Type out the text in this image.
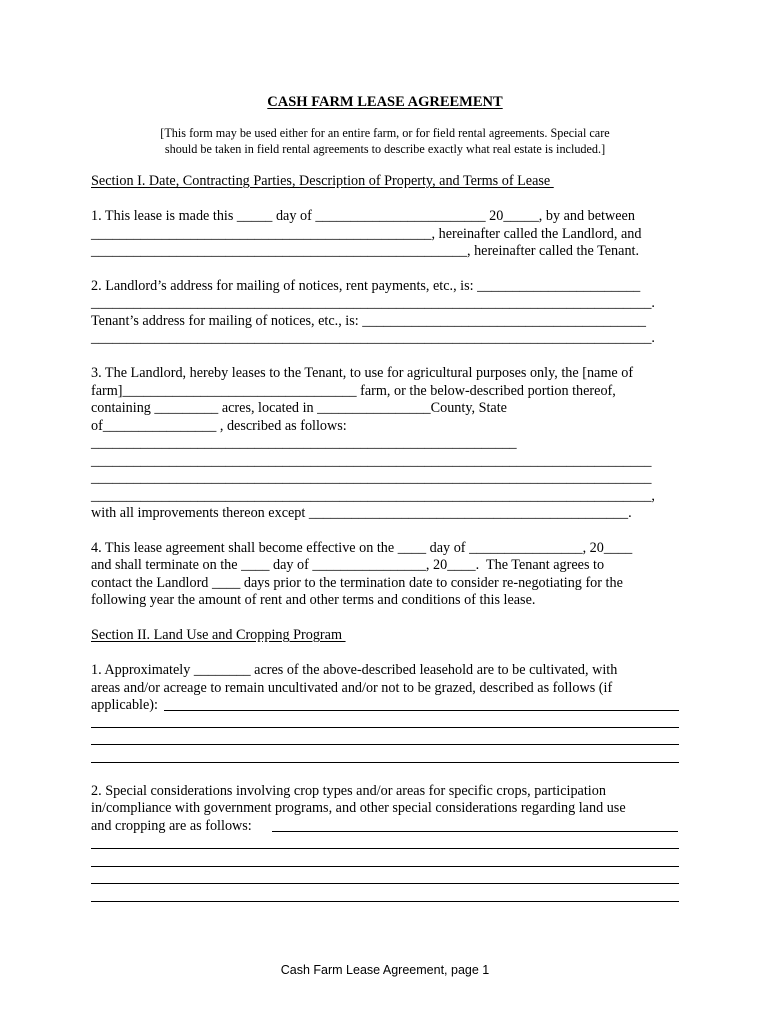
CASH FARM LEASE AGREEMENT
[This form may be used either for an entire farm, or for field rental agreements. Special care
should be taken in field rental agreements to describe exactly what real estate is included.]
Section I. Date, Contracting Parties, Description of Property, and Terms of Lease
1. This lease is made this _____ day of ________________________ 20_____, by and between
________________________________________________, hereinafter called the Landlord, and
_____________________________________________________, hereinafter called the Tenant.
2. Landlord’s address for mailing of notices, rent payments, etc., is: _______________________
_______________________________________________________________________________.
Tenant’s address for mailing of notices, etc., is: ________________________________________
_______________________________________________________________________________.
3. The Landlord, hereby leases to the Tenant, to use for agricultural purposes only, the [name of
farm]_________________________________ farm, or the below-described portion thereof,
containing _________ acres, located in ________________County, State
of________________ , described as follows:
____________________________________________________________
_______________________________________________________________________________
_______________________________________________________________________________
_______________________________________________________________________________,
with all improvements thereon except _____________________________________________.
4. This lease agreement shall become effective on the ____ day of ________________, 20____
and shall terminate on the ____ day of ________________, 20____.  The Tenant agrees to
contact the Landlord ____ days prior to the termination date to consider re-negotiating for the
following year the amount of rent and other terms and conditions of this lease.
Section II. Land Use and Cropping Program
1. Approximately ________ acres of the above-described leasehold are to be cultivated, with
areas and/or acreage to remain uncultivated and/or not to be grazed, described as follows (if
applicable):
2. Special considerations involving crop types and/or areas for specific crops, participation
in/compliance with government programs, and other special considerations regarding land use
and cropping are as follows:
Cash Farm Lease Agreement, page 1
